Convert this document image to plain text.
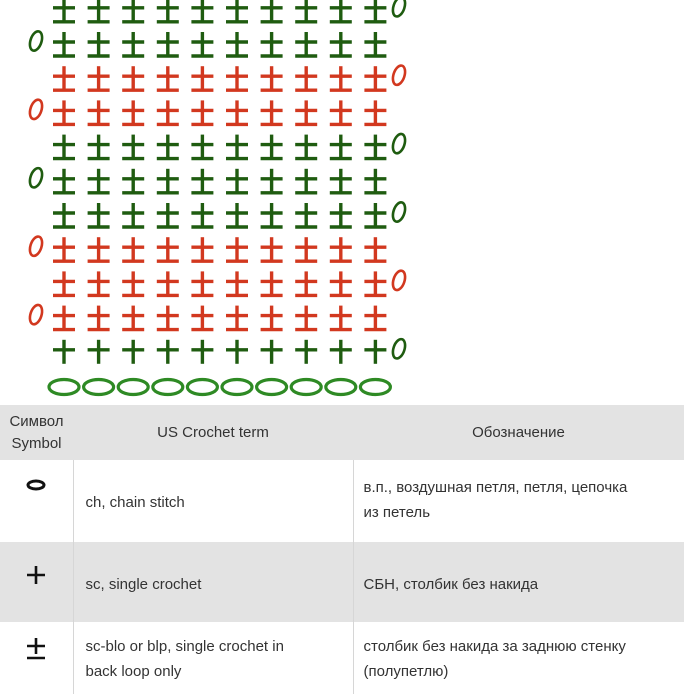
Символ
Symbol	US Crochet term	Обозначение
	ch, chain stitch	в.п., воздушная петля, петля, цепочка
из петель
	sc, single crochet	СБН, столбик без накида
	sc-blo or blp, single crochet in
back loop only	столбик без накида за заднюю стенку
(полупетлю)
